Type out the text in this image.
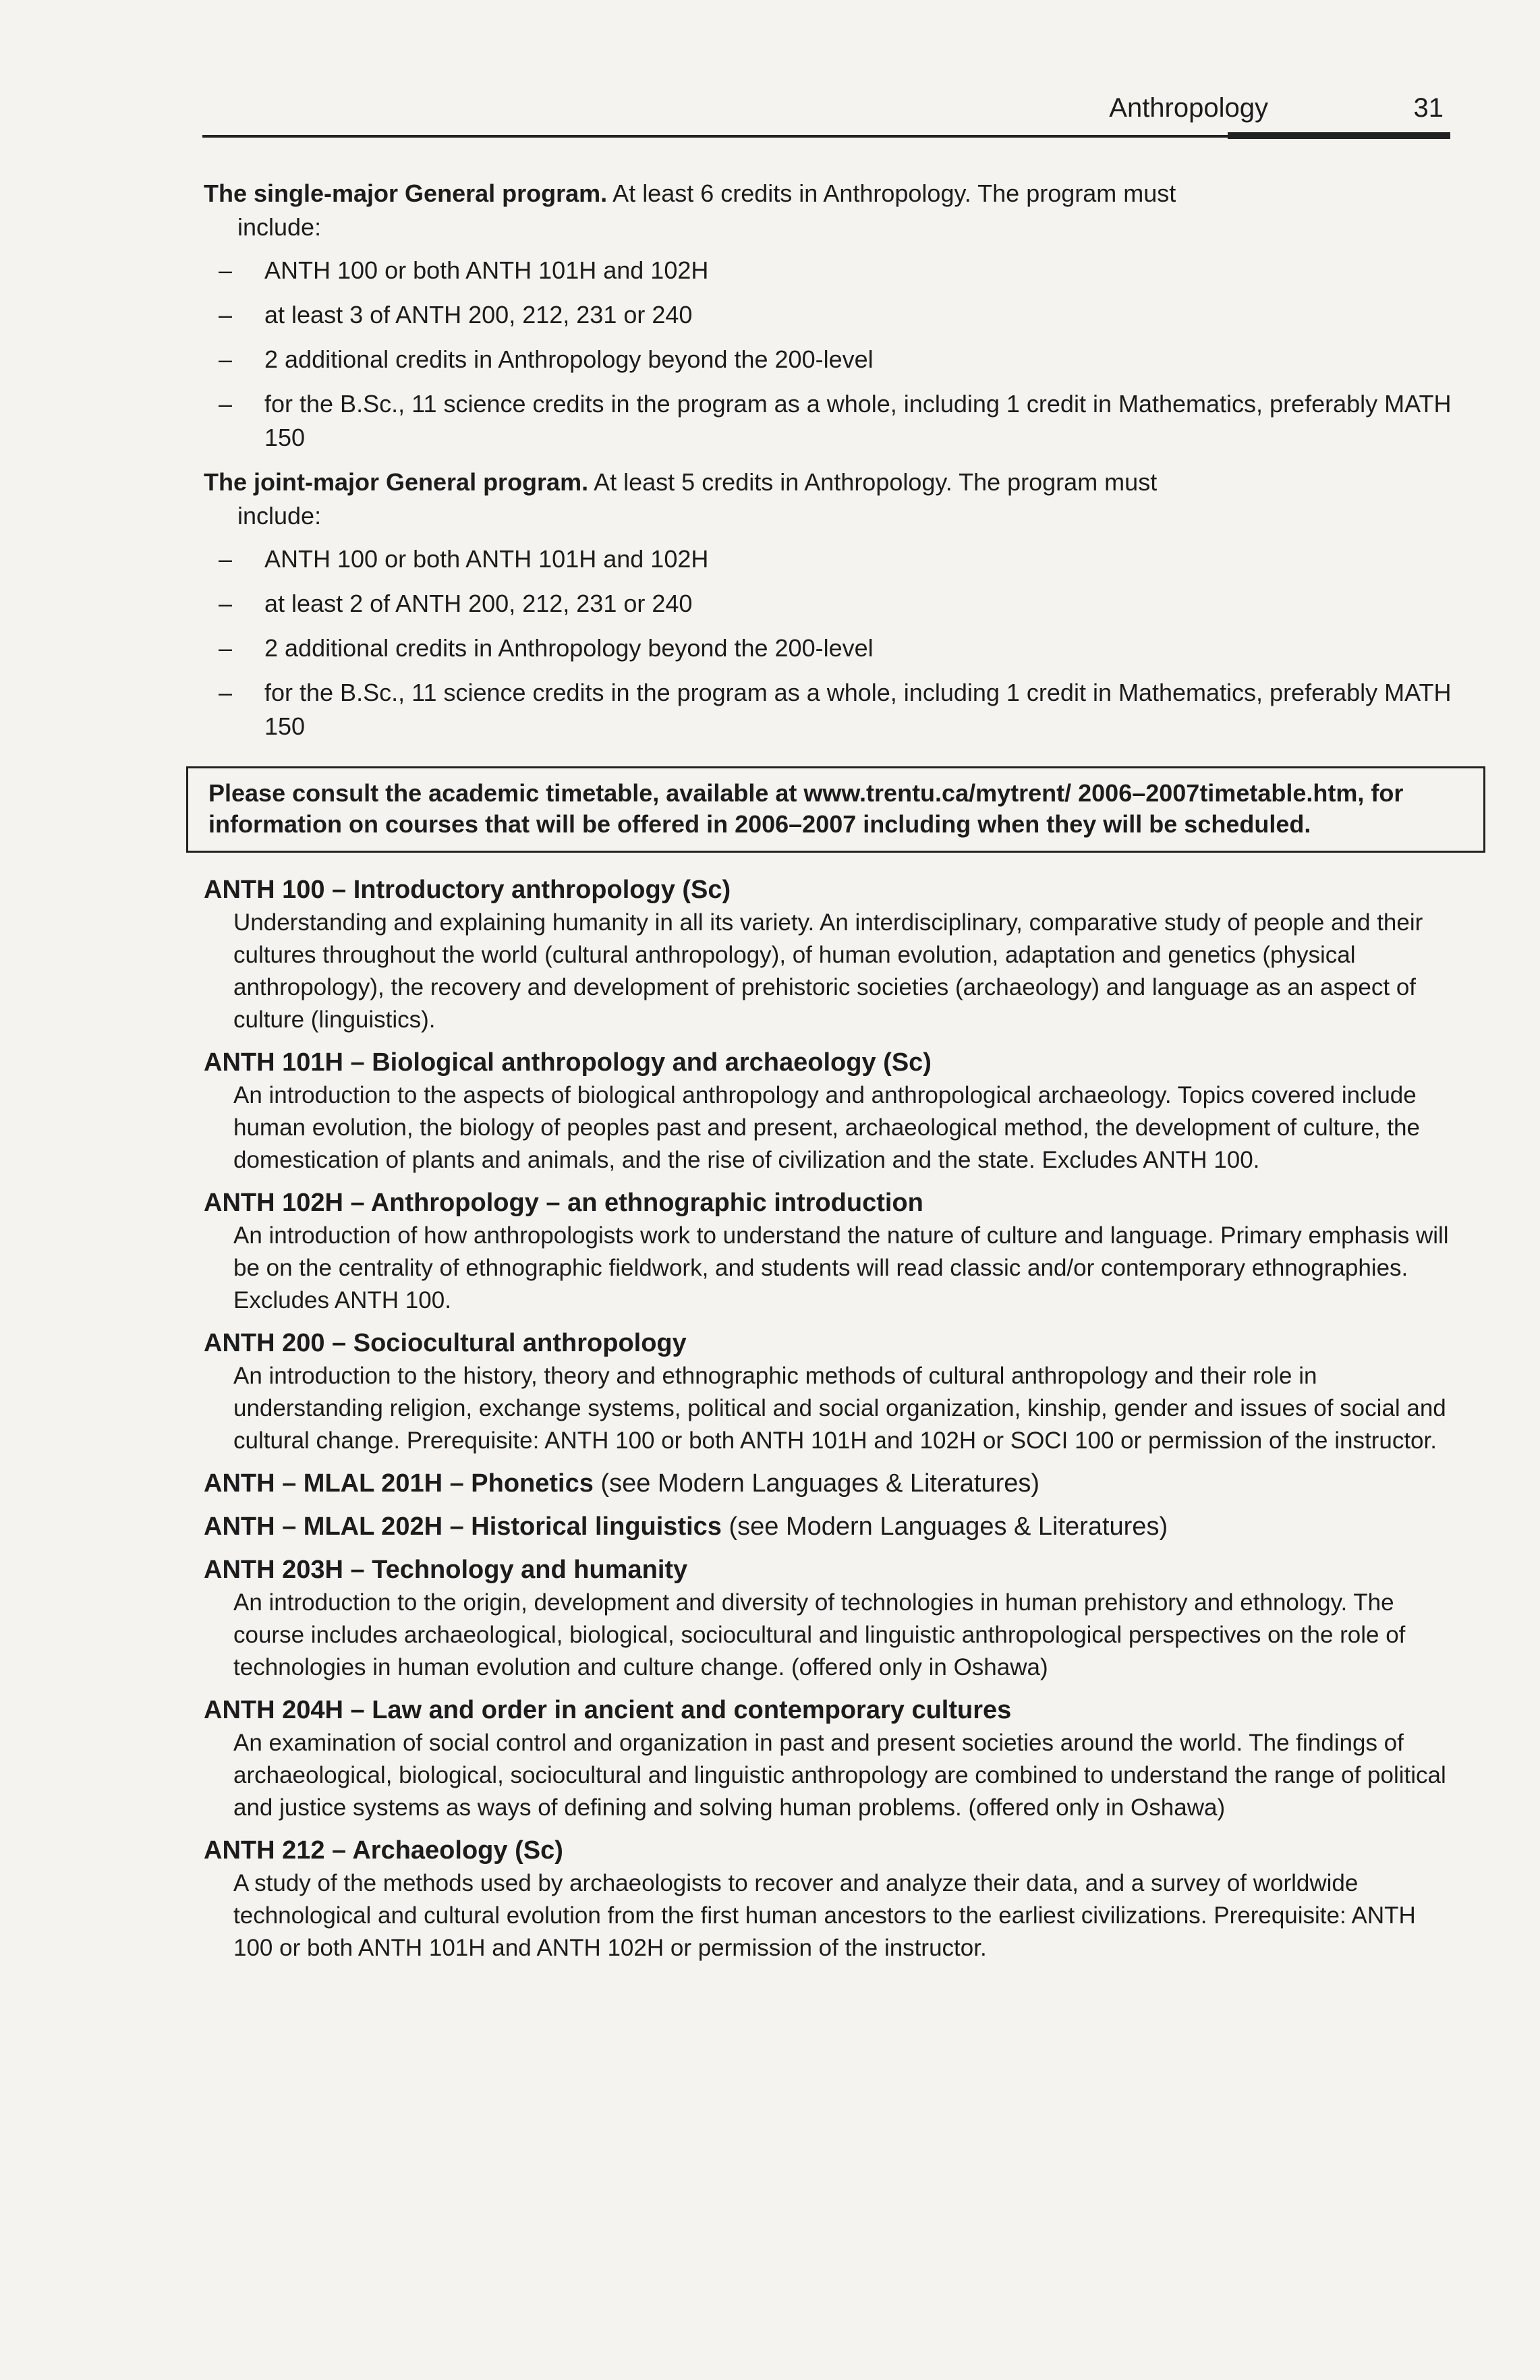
Anthropology	31

The single-major General program. At least 6 credits in Anthropology. The program must
include:

– ANTH 100 or both ANTH 101H and 102H
– at least 3 of ANTH 200, 212, 231 or 240
– 2 additional credits in Anthropology beyond the 200-level
– for the B.Sc., 11 science credits in the program as a whole, including 1 credit in Mathematics, preferably MATH 150

The joint-major General program. At least 5 credits in Anthropology. The program must
include:

– ANTH 100 or both ANTH 101H and 102H
– at least 2 of ANTH 200, 212, 231 or 240
– 2 additional credits in Anthropology beyond the 200-level
– for the B.Sc., 11 science credits in the program as a whole, including 1 credit in Mathematics, preferably MATH 150
Please consult the academic timetable, available at www.trentu.ca/mytrent/ 2006–2007timetable.htm, for information on courses that will be offered in 2006–2007 including when they will be scheduled.
ANTH 100 – Introductory anthropology (Sc)
Understanding and explaining humanity in all its variety. An interdisciplinary, comparative study of people and their cultures throughout the world (cultural anthropology), of human evolution, adaptation and genetics (physical anthropology), the recovery and development of prehistoric societies (archaeology) and language as an aspect of culture (linguistics).
ANTH 101H – Biological anthropology and archaeology (Sc)
An introduction to the aspects of biological anthropology and anthropological archaeology. Topics covered include human evolution, the biology of peoples past and present, archaeological method, the development of culture, the domestication of plants and animals, and the rise of civilization and the state. Excludes ANTH 100.
ANTH 102H – Anthropology – an ethnographic introduction
An introduction of how anthropologists work to understand the nature of culture and language. Primary emphasis will be on the centrality of ethnographic fieldwork, and students will read classic and/or contemporary ethnographies. Excludes ANTH 100.
ANTH 200 – Sociocultural anthropology
An introduction to the history, theory and ethnographic methods of cultural anthropology and their role in understanding religion, exchange systems, political and social organization, kinship, gender and issues of social and cultural change. Prerequisite: ANTH 100 or both ANTH 101H and 102H or SOCI 100 or permission of the instructor.
ANTH – MLAL 201H – Phonetics (see Modern Languages & Literatures)
ANTH – MLAL 202H – Historical linguistics (see Modern Languages & Literatures)
ANTH 203H – Technology and humanity
An introduction to the origin, development and diversity of technologies in human prehistory and ethnology. The course includes archaeological, biological, sociocultural and linguistic anthropological perspectives on the role of technologies in human evolution and culture change. (offered only in Oshawa)
ANTH 204H – Law and order in ancient and contemporary cultures
An examination of social control and organization in past and present societies around the world. The findings of archaeological, biological, sociocultural and linguistic anthropology are combined to understand the range of political and justice systems as ways of defining and solving human problems. (offered only in Oshawa)
ANTH 212 – Archaeology (Sc)
A study of the methods used by archaeologists to recover and analyze their data, and a survey of worldwide technological and cultural evolution from the first human ancestors to the earliest civilizations. Prerequisite: ANTH 100 or both ANTH 101H and ANTH 102H or permission of the instructor.
